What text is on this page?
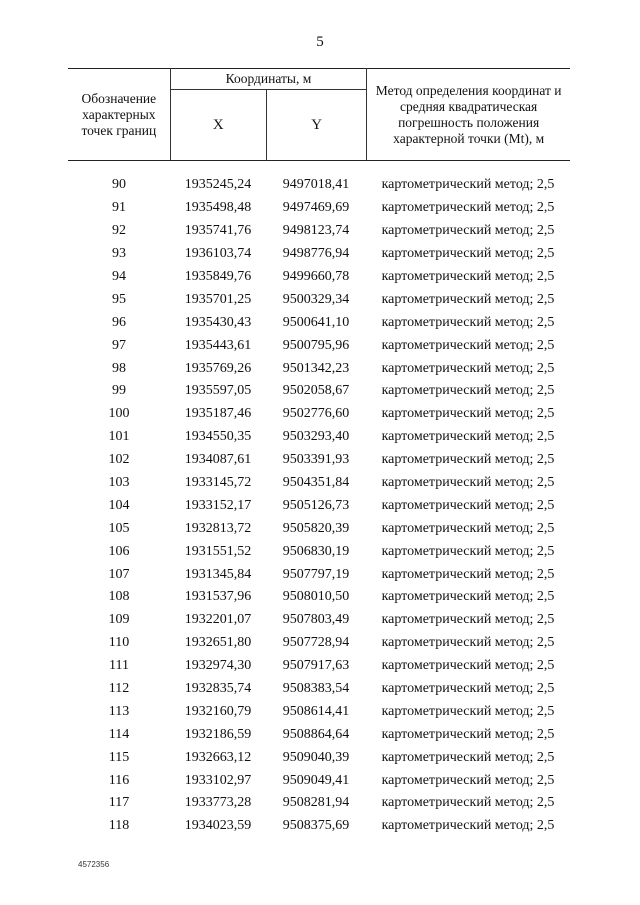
5
Обозначение характерных точек границ	Координаты, м		Метод определения координат и средняя квадратическая погрешность положения характерной точки (Mt), м
	X	Y	
90	1935245,24	9497018,41	картометрический метод; 2,5
91	1935498,48	9497469,69	картометрический метод; 2,5
92	1935741,76	9498123,74	картометрический метод; 2,5
93	1936103,74	9498776,94	картометрический метод; 2,5
94	1935849,76	9499660,78	картометрический метод; 2,5
95	1935701,25	9500329,34	картометрический метод; 2,5
96	1935430,43	9500641,10	картометрический метод; 2,5
97	1935443,61	9500795,96	картометрический метод; 2,5
98	1935769,26	9501342,23	картометрический метод; 2,5
99	1935597,05	9502058,67	картометрический метод; 2,5
100	1935187,46	9502776,60	картометрический метод; 2,5
101	1934550,35	9503293,40	картометрический метод; 2,5
102	1934087,61	9503391,93	картометрический метод; 2,5
103	1933145,72	9504351,84	картометрический метод; 2,5
104	1933152,17	9505126,73	картометрический метод; 2,5
105	1932813,72	9505820,39	картометрический метод; 2,5
106	1931551,52	9506830,19	картометрический метод; 2,5
107	1931345,84	9507797,19	картометрический метод; 2,5
108	1931537,96	9508010,50	картометрический метод; 2,5
109	1932201,07	9507803,49	картометрический метод; 2,5
110	1932651,80	9507728,94	картометрический метод; 2,5
111	1932974,30	9507917,63	картометрический метод; 2,5
112	1932835,74	9508383,54	картометрический метод; 2,5
113	1932160,79	9508614,41	картометрический метод; 2,5
114	1932186,59	9508864,64	картометрический метод; 2,5
115	1932663,12	9509040,39	картометрический метод; 2,5
116	1933102,97	9509049,41	картометрический метод; 2,5
117	1933773,28	9508281,94	картометрический метод; 2,5
118	1934023,59	9508375,69	картометрический метод; 2,5
4572356
